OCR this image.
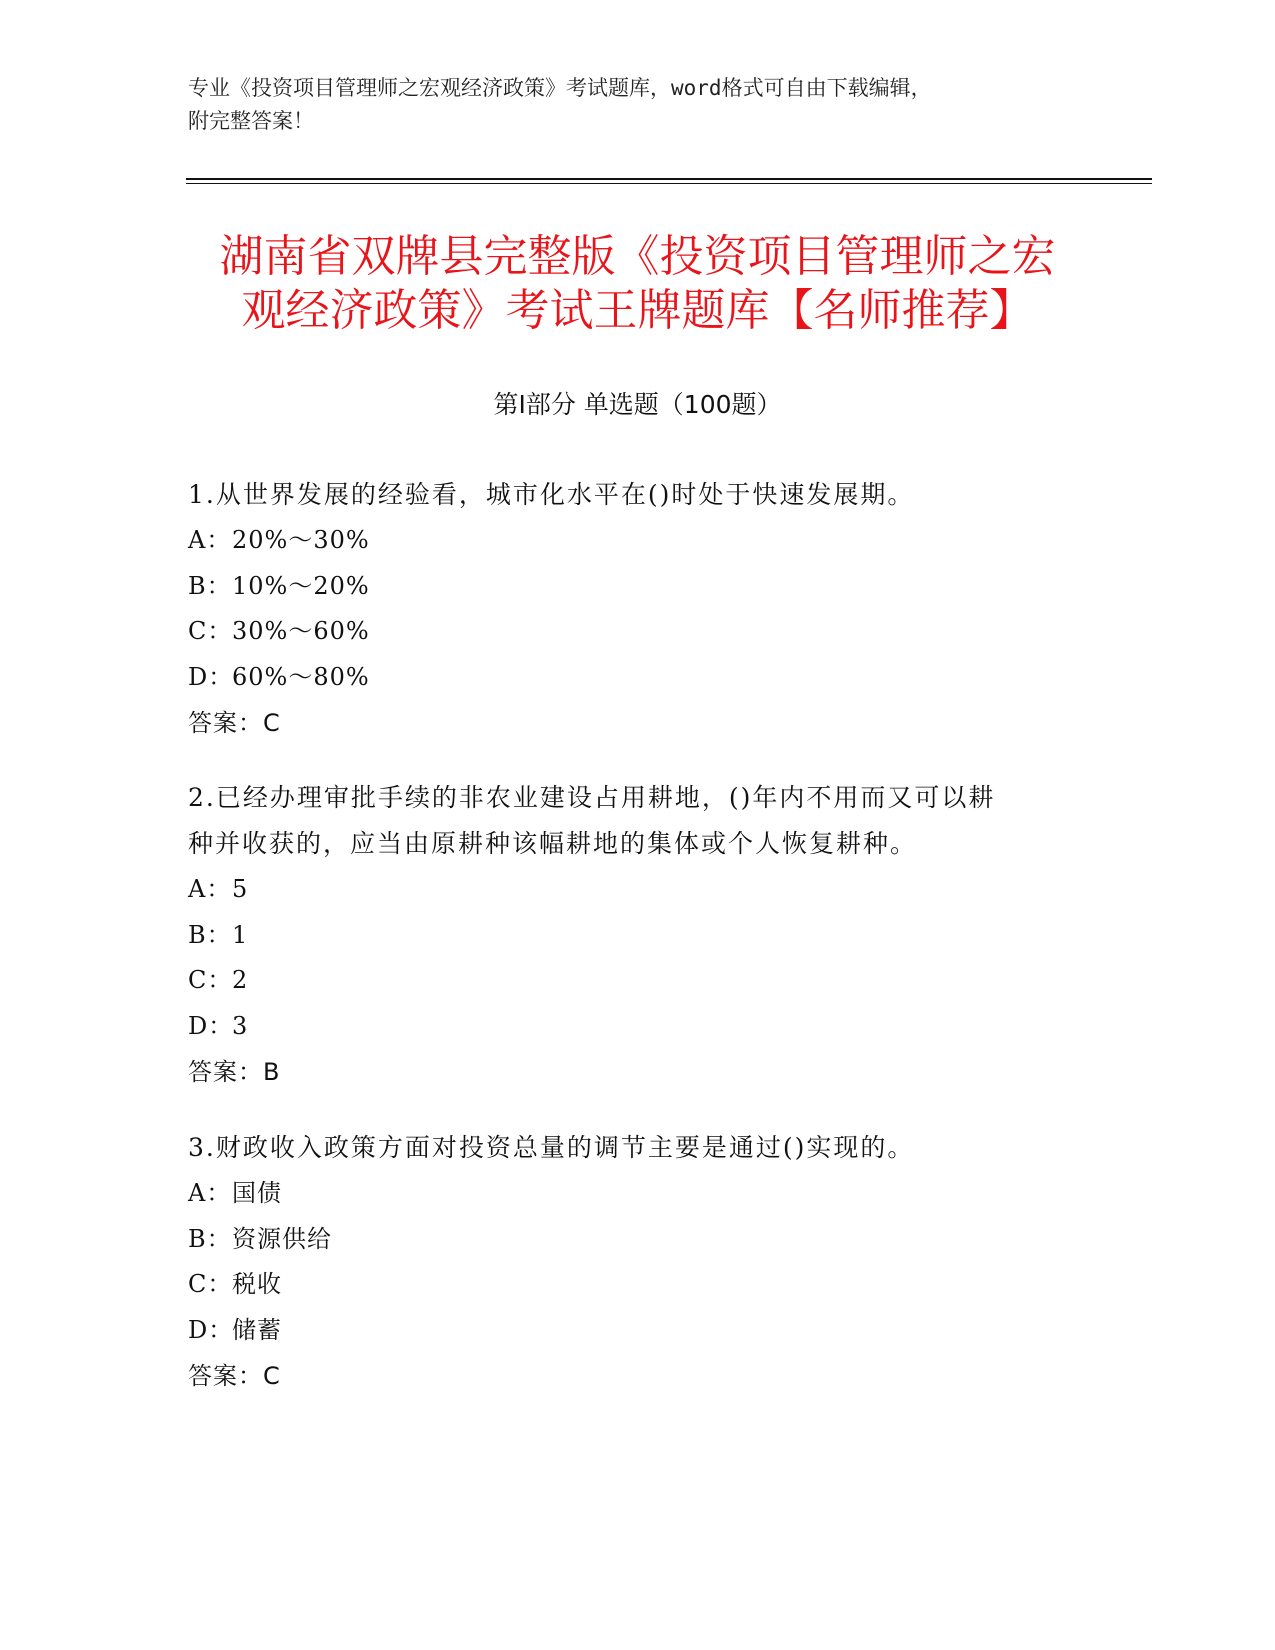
专业《投资项目管理师之宏观经济政策》考试题库，word格式可自由下载编辑，
附完整答案！
湖南省双牌县完整版《投资项目管理师之宏
观经济政策》考试王牌题库【名师推荐】
第Ⅰ部分 单选题（100题）

1.从世界发展的经验看，城市化水平在()时处于快速发展期。

A：20%～30%

B：10%～20%

C：30%～60%

D：60%～80%

答案：C

2.已经办理审批手续的非农业建设占用耕地，()年内不用而又可以耕

种并收获的，应当由原耕种该幅耕地的集体或个人恢复耕种。

A：5

B：1

C：2

D：3

答案：B

3.财政收入政策方面对投资总量的调节主要是通过()实现的。

A：国债

B：资源供给

C：税收

D：储蓄

答案：C
